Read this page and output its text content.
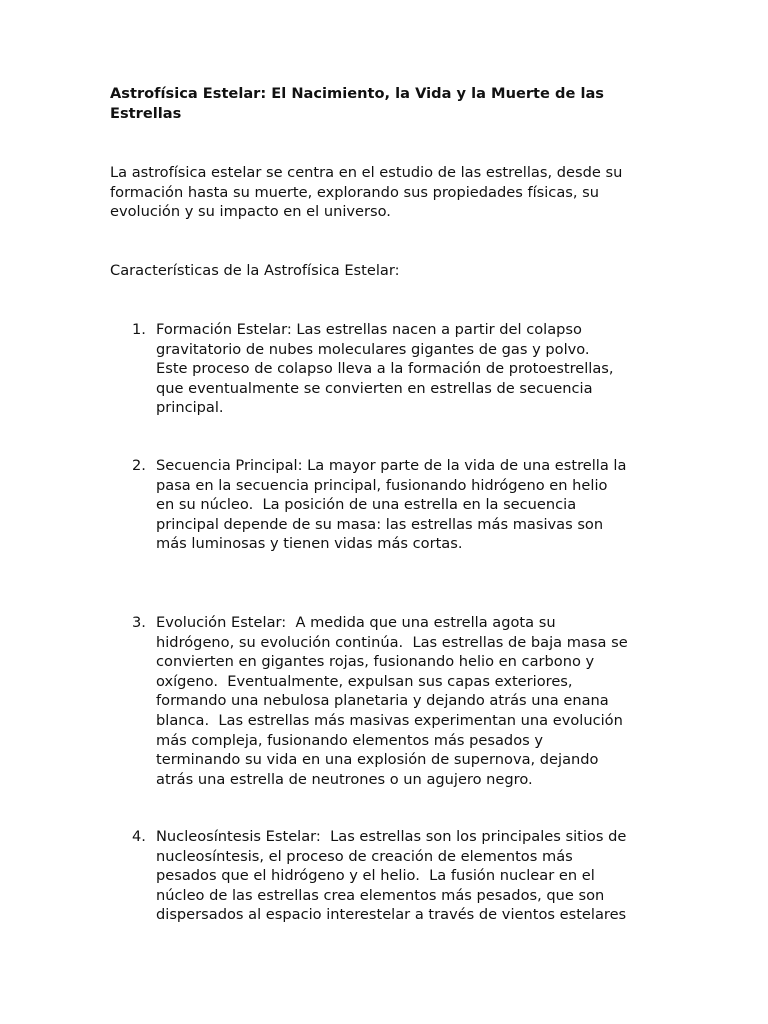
Astrofísica Estelar: El Nacimiento, la Vida y la Muerte de las
Estrellas

La astrofísica estelar se centra en el estudio de las estrellas, desde su
formación hasta su muerte, explorando sus propiedades físicas, su
evolución y su impacto en el universo.

Características de la Astrofísica Estelar:

1. Formación Estelar: Las estrellas nacen a partir del colapso
gravitatorio de nubes moleculares gigantes de gas y polvo.
Este proceso de colapso lleva a la formación de protoestrellas,
que eventualmente se convierten en estrellas de secuencia
principal.
2. Secuencia Principal: La mayor parte de la vida de una estrella la
pasa en la secuencia principal, fusionando hidrógeno en helio
en su núcleo.  La posición de una estrella en la secuencia
principal depende de su masa: las estrellas más masivas son
más luminosas y tienen vidas más cortas.
3. Evolución Estelar:  A medida que una estrella agota su
hidrógeno, su evolución continúa.  Las estrellas de baja masa se
convierten en gigantes rojas, fusionando helio en carbono y
oxígeno.  Eventualmente, expulsan sus capas exteriores,
formando una nebulosa planetaria y dejando atrás una enana
blanca.  Las estrellas más masivas experimentan una evolución
más compleja, fusionando elementos más pesados y
terminando su vida en una explosión de supernova, dejando
atrás una estrella de neutrones o un agujero negro.
4. Nucleosíntesis Estelar:  Las estrellas son los principales sitios de
nucleosíntesis, el proceso de creación de elementos más
pesados que el hidrógeno y el helio.  La fusión nuclear en el
núcleo de las estrellas crea elementos más pesados, que son
dispersados al espacio interestelar a través de vientos estelares
